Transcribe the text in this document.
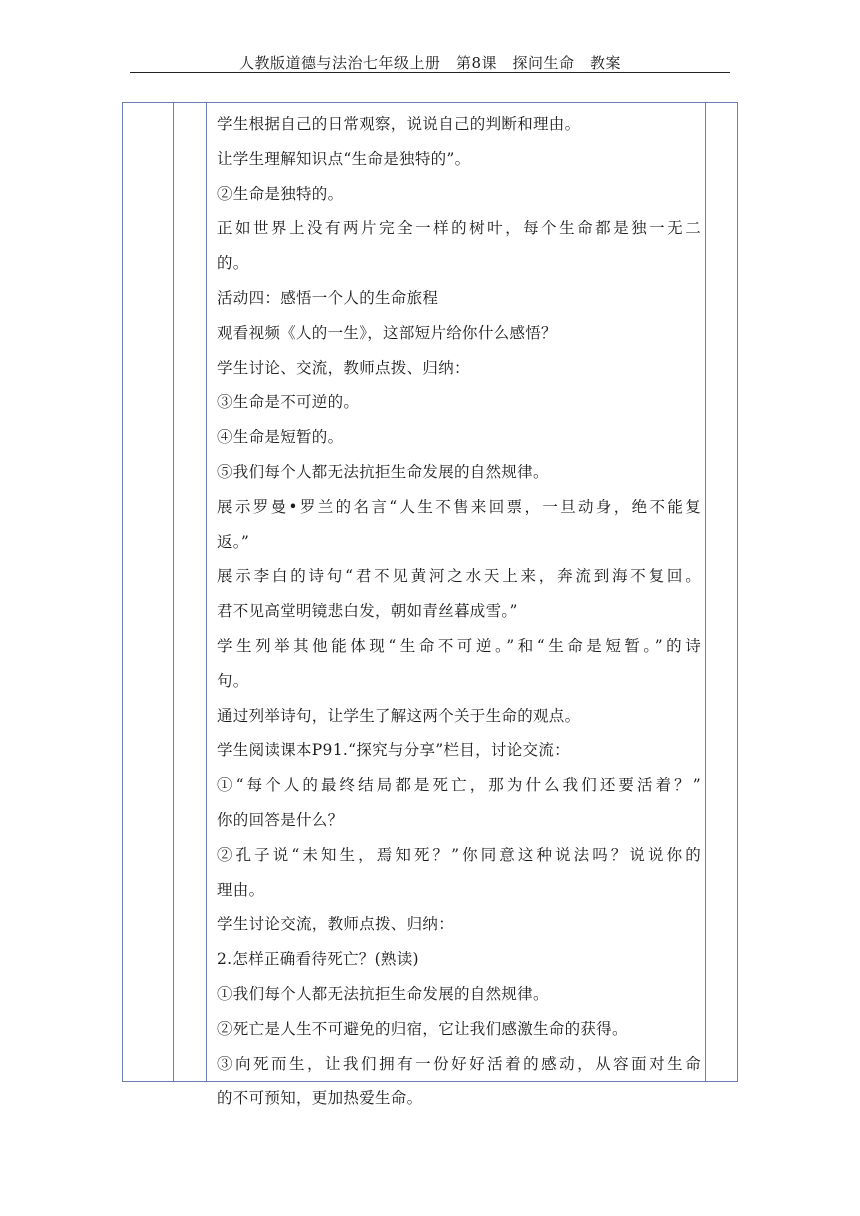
人教版道德与法治七年级上册　第8课　探问生命　教案
学生根据自己的日常观察，说说自己的判断和理由。
让学生理解知识点“生命是独特的”。
②生命是独特的。
正如世界上没有两片完全一样的树叶，每个生命都是独一无二
的。
活动四：感悟一个人的生命旅程
观看视频《人的一生》，这部短片给你什么感悟？
学生讨论、交流，教师点拨、归纳：
③生命是不可逆的。
④生命是短暂的。
⑤我们每个人都无法抗拒生命发展的自然规律。
展示罗曼•罗兰的名言“人生不售来回票，一旦动身，绝不能复
返。”
展示李白的诗句“君不见黄河之水天上来，奔流到海不复回。
君不见高堂明镜悲白发，朝如青丝暮成雪。”
学生列举其他能体现“生命不可逆。”和“生命是短暂。”的诗
句。
通过列举诗句，让学生了解这两个关于生命的观点。
学生阅读课本P91.“探究与分享”栏目，讨论交流：
①“每个人的最终结局都是死亡，那为什么我们还要活着？”
你的回答是什么？
②孔子说“未知生，焉知死？”你同意这种说法吗？说说你的
理由。
学生讨论交流，教师点拨、归纳：
2.怎样正确看待死亡？(熟读)
①我们每个人都无法抗拒生命发展的自然规律。
②死亡是人生不可避免的归宿，它让我们感激生命的获得。
③向死而生，让我们拥有一份好好活着的感动，从容面对生命
的不可预知，更加热爱生命。
